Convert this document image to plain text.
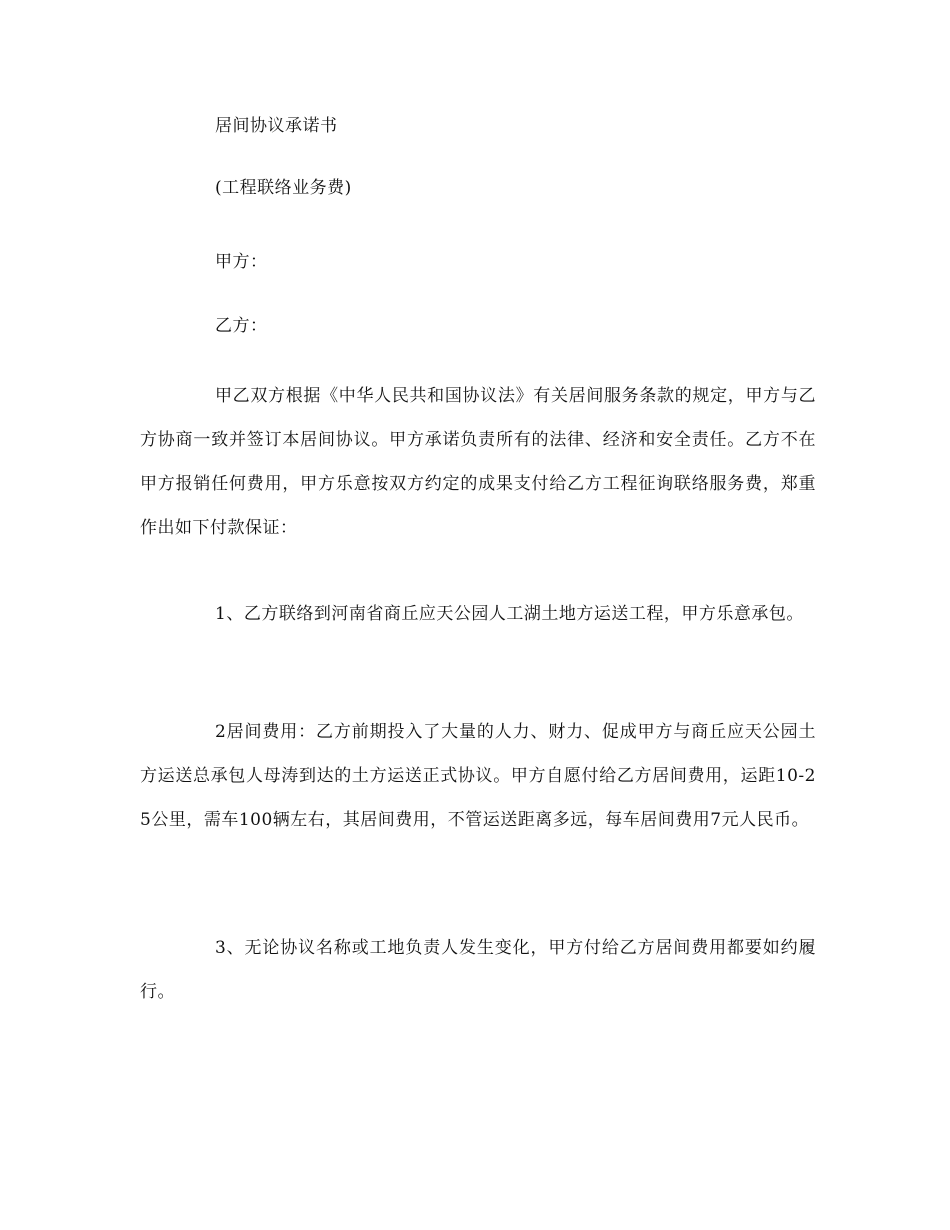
居间协议承诺书

(工程联络业务费)

甲方：

乙方：

甲乙双方根据《中华人民共和国协议法》有关居间服务条款的规定，甲方与乙方协商一致并签订本居间协议。甲方承诺负责所有的法律、经济和安全责任。乙方不在甲方报销任何费用，甲方乐意按双方约定的成果支付给乙方工程征询联络服务费，郑重作出如下付款保证：

1、乙方联络到河南省商丘应天公园人工湖土地方运送工程，甲方乐意承包。

2居间费用：乙方前期投入了大量的人力、财力、促成甲方与商丘应天公园土方运送总承包人母涛到达的土方运送正式协议。甲方自愿付给乙方居间费用，运距10-25公里，需车100辆左右，其居间费用，不管运送距离多远，每车居间费用7元人民币。

3、无论协议名称或工地负责人发生变化，甲方付给乙方居间费用都要如约履行。
